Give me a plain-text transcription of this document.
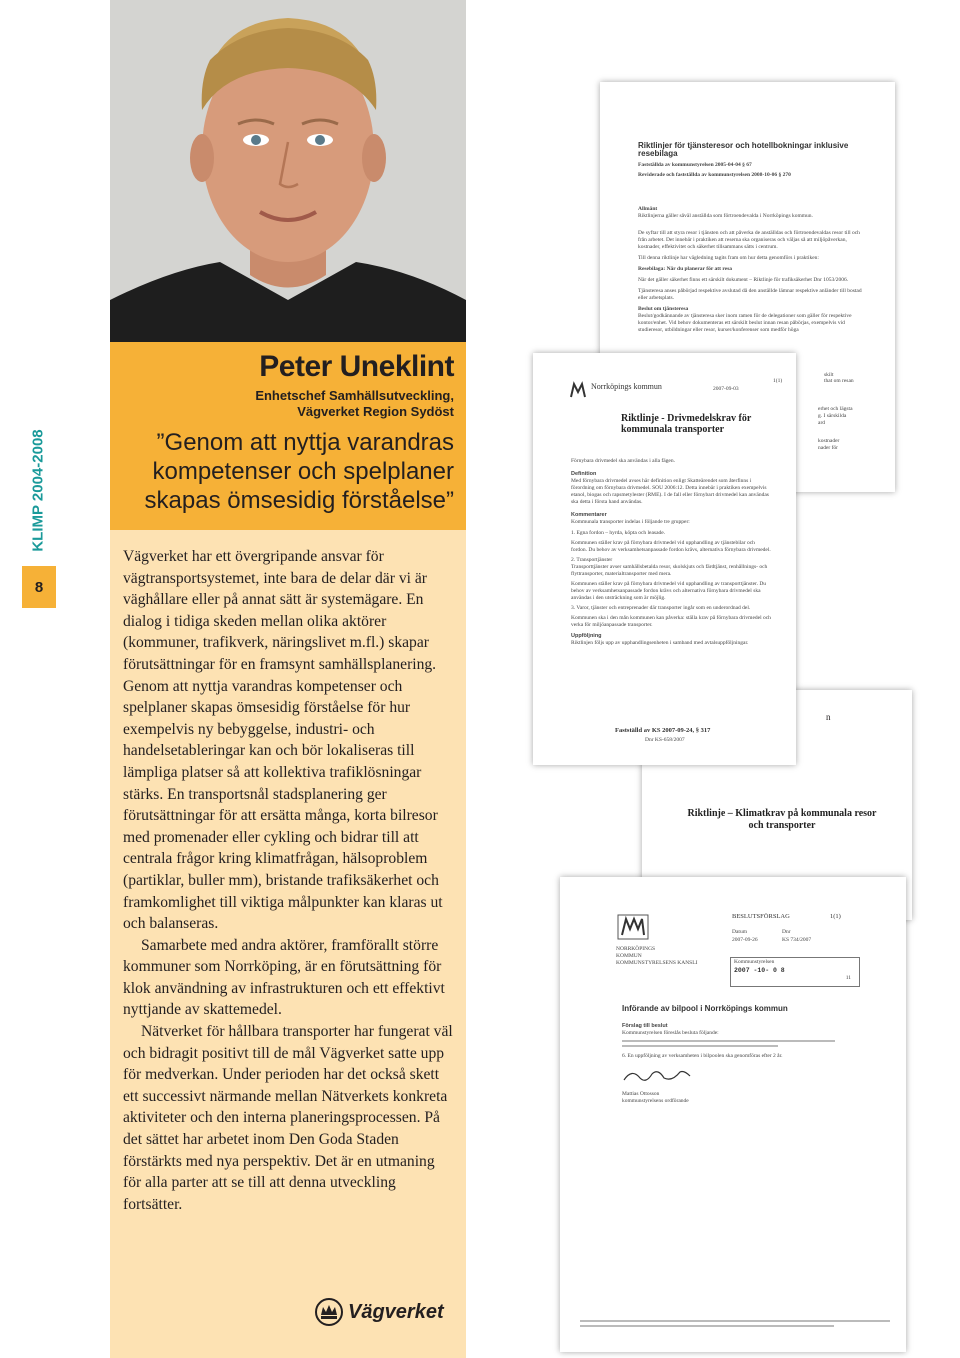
KLIMP 2004-2008
8
Peter Uneklint
Enhetschef Samhällsutveckling,
Vägverket Region Sydöst
”Genom att nyttja varandras
kompetenser och spelplaner
skapas ömsesidig förståelse”

Vägverket har ett övergripande ansvar för vägtransportsystemet, inte bara de delar där vi är väghållare eller på annat sätt är systemägare. En dialog i tidiga skeden mellan olika aktörer (kommuner, trafikverk, näringslivet m.fl.) skapar förutsättningar för en framsynt samhällsplanering. Genom att nyttja varandras kompetenser och spelplaner skapas ömsesidig förståelse för hur exempelvis ny bebyggelse, industri- och handelsetableringar kan och bör lokaliseras till lämpliga platser så att kollektiva trafiklösningar stärks. En transportsnål stadsplanering ger förutsättningar för att ersätta många, korta bilresor med promenader eller cykling och bidrar till att centrala frågor kring klimatfrågan, hälsoproblem (partiklar, buller mm), bristande trafiksäkerhet och framkomlighet till viktiga målpunkter kan klaras ut och balanseras.

Samarbete med andra aktörer, framförallt större kommuner som Norrköping, är en förutsättning för klok användning av infrastrukturen och ett effektivt nyttjande av skattemedel.

Nätverket för hållbara transporter har fungerat väl och bidragit positivt till de mål Vägverket satte upp för medverkan. Under perioden har det också skett ett successivt närmande mellan Nätverkets konkreta aktiviteter och den interna planeringsprocessen. På det sättet har arbetet inom Den Goda Staden förstärkts med nya perspektiv. Det är en utmaning för alla parter att se till att denna utveckling fortsätter.

Vägverket
Riktlinjer för tjänsteresor och hotellbokningar inklusive resebilaga
Fastställda av kommunstyrelsen 2005-04-04 § 67
Reviderade och fastställda av kommunstyrelsen 2008-10-06 § 270
Allmänt
Riktlinjerna gäller såväl anställda som förtroendevalda i Norrköpings kommun.
De syftar till att styra resor i tjänsten och att påverka de anställdas och förtroendevaldas resor till och från arbetet. Det innebär i praktiken att reserna ska organiseras och väljas så att miljöpåverkan, kostnader, effektivitet och säkerhet tillsammans sätts i centrum.
Till denna riktlinje har vägledning tagits fram om hur detta genomförs i praktiken:
Resebilaga: När du planerar för att resa
När det gäller säkerhet finns ett särskilt dokument – Riktlinje för trafiksäkerhet Dnr 1053/2006.
Tjänsteresa anses påbörjad respektive avslutad då den anställde lämnar respektive anländer till bostad eller arbetsplats.
Beslut om tjänsteresa
Beslut/godkännande av tjänsteresa sker inom ramen för de delegationer som gäller för respektive kontor/enhet. Vid behov dokumenteras ett särskilt beslut innan resan påbörjas, exempelvis vid studieresor, utbildningar eller resor, kurser/konferenser som medför höga
skilt
that om resan
erhet och lägsta
g. I särskilda
ard
kostnader
nader för
Riktlinje – Klimatkrav på kommunala resor och transporter
NORRKÖPINGS
KOMMUN
KOMMUNSTYRELSENS KANSLI
BESLUTSFÖRSLAG	1(1)
Datum	Dnr
2007-09-26	KS 734/2007
Kommunstyrelsen
2007 -10- 0 8
11
Införande av bilpool i Norrköpings kommun
Förslag till beslut
Kommunstyrelsen föreslås besluta följande:
6. En uppföljning av verksamheten i bilpoolen ska genomföras efter 2 år.
Mattias Ottosson
kommunstyrelsens ordförande
Norrköpings kommun	2007-09-03
1(1)
Riktlinje - Drivmedelskrav för kommunala transporter
Förnybara drivmedel ska användas i alla fägen.
Definition
Med förnybara drivmedel avses här definition enligt Skatteärendet som återfinns i förordning om förnybara drivmedel. SOU 2006:12. Detta innebär i praktiken exempelvis etanol, biogas och rapsmetylester (RME). I de fall eller förnybart drivmedel kan användas ska detta i första hand användas.
Kommentarer
Kommunala transporter indelas i följande tre grupper:
1. Egna fordon – hyrda, köpta och leasade.
Kommunen ställer krav på förnybara drivmedel vid upphandling av tjänstebilar och fordon. Du behov av verksamhetsanpassade fordon krävs, alternativa förnybara drivmedel.
2. Transportjänster
Transporttjänster avser samhällsbetalda resor, skolskjuts och färdtjänst, renhållnings- och flyttransporter, materialtransporter med mera.
Kommunen ställer krav på förnybara drivmedel vid upphandling av transporttjänster. Du behov av verksamhetsanpassade fordon krävs och alternativa förnybara drivmedel ska användas i den utsträckning som är möjlig.
3. Varor, tjänster och entreprenader där transporter ingår som en underordnad del.
Kommunen ska i den mån kommunen kan påverka: ställa krav på förnybara drivmedel och verka för miljöanpassade transporter.
Uppföljning
Riktlinjen följs upp av upphandlingsenheten i samband med avtalsuppföljningar.
Fastställd av KS 2007-09-24, § 317
Dnr KS-658/2007
n
